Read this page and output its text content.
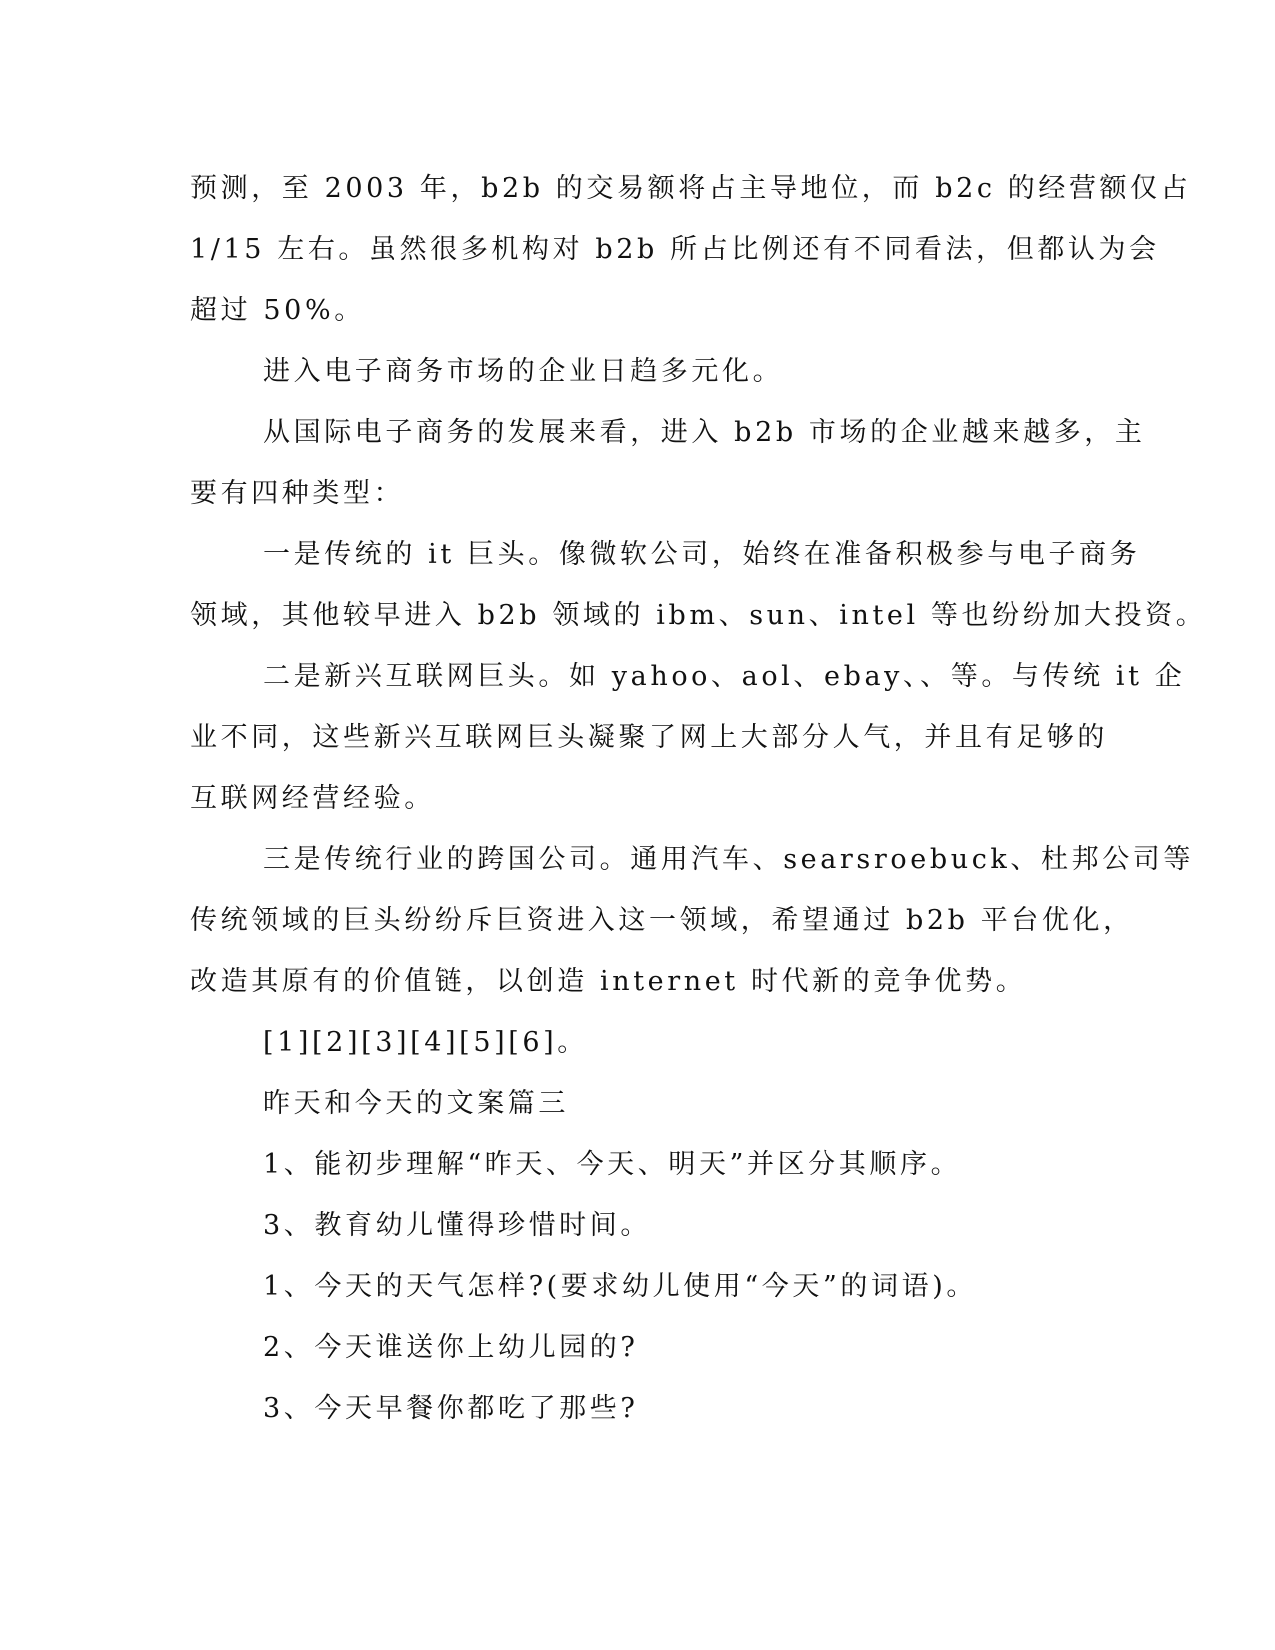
预测，至 2003 年，b2b 的交易额将占主导地位，而 b2c 的经营额仅占
1/15 左右。虽然很多机构对 b2b 所占比例还有不同看法，但都认为会
超过 50%。
进入电子商务市场的企业日趋多元化。
从国际电子商务的发展来看，进入 b2b 市场的企业越来越多，主
要有四种类型：
一是传统的 it 巨头。像微软公司，始终在准备积极参与电子商务
领域，其他较早进入 b2b 领域的 ibm、sun、intel 等也纷纷加大投资。
二是新兴互联网巨头。如 yahoo、aol、ebay、、等。与传统 it 企
业不同，这些新兴互联网巨头凝聚了网上大部分人气，并且有足够的
互联网经营经验。
三是传统行业的跨国公司。通用汽车、searsroebuck、杜邦公司等
传统领域的巨头纷纷斥巨资进入这一领域，希望通过 b2b 平台优化，
改造其原有的价值链，以创造 internet 时代新的竞争优势。
[1][2][3][4][5][6]。
昨天和今天的文案篇三
1、能初步理解“昨天、今天、明天”并区分其顺序。
3、教育幼儿懂得珍惜时间。
1、今天的天气怎样?(要求幼儿使用“今天”的词语)。
2、今天谁送你上幼儿园的?
3、今天早餐你都吃了那些?
